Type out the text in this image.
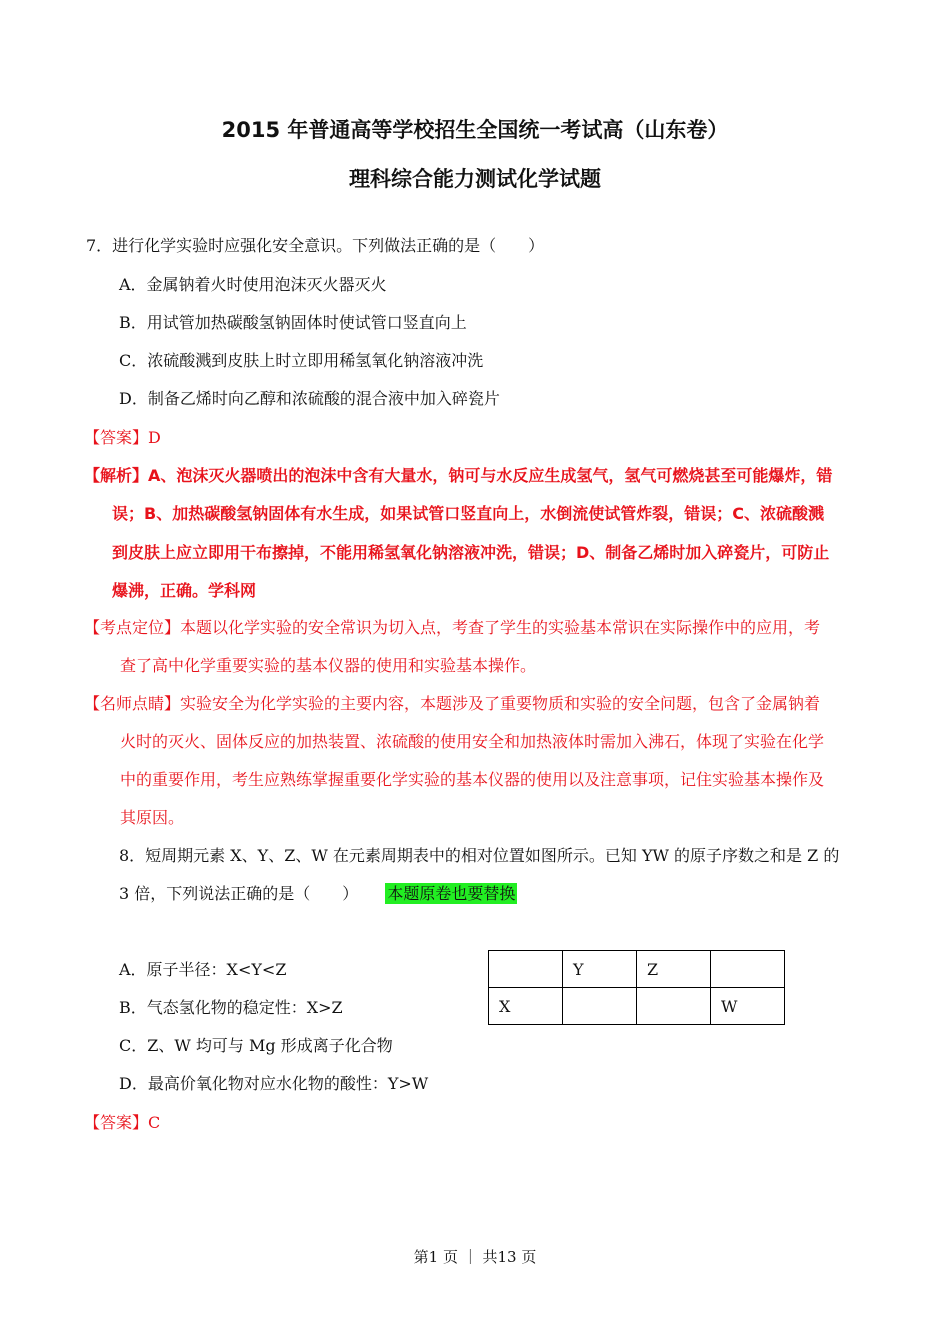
2015 年普通高等学校招生全国统一考试高（山东卷）
理科综合能力测试化学试题
7．进行化学实验时应强化安全意识。下列做法正确的是（　　）
A．金属钠着火时使用泡沫灭火器灭火
B．用试管加热碳酸氢钠固体时使试管口竖直向上
C．浓硫酸溅到皮肤上时立即用稀氢氧化钠溶液冲洗
D．制备乙烯时向乙醇和浓硫酸的混合液中加入碎瓷片
【答案】D
【解析】A、泡沫灭火器喷出的泡沫中含有大量水，钠可与水反应生成氢气，氢气可燃烧甚至可能爆炸，错
误；B、加热碳酸氢钠固体有水生成，如果试管口竖直向上，水倒流使试管炸裂，错误；C、浓硫酸溅
到皮肤上应立即用干布擦掉，不能用稀氢氧化钠溶液冲洗，错误；D、制备乙烯时加入碎瓷片，可防止
爆沸，正确。学科网
【考点定位】本题以化学实验的安全常识为切入点，考查了学生的实验基本常识在实际操作中的应用，考
查了高中化学重要实验的基本仪器的使用和实验基本操作。
【名师点睛】实验安全为化学实验的主要内容，本题涉及了重要物质和实验的安全问题，包含了金属钠着
火时的灭火、固体反应的加热装置、浓硫酸的使用安全和加热液体时需加入沸石，体现了实验在化学
中的重要作用，考生应熟练掌握重要化学实验的基本仪器的使用以及注意事项，记住实验基本操作及
其原因。
8．短周期元素 X、Y、Z、W 在元素周期表中的相对位置如图所示。已知 YW 的原子序数之和是 Z 的
3 倍，下列说法正确的是（　　） 本题原卷也要替换
A．原子半径：X<Y<Z
B．气态氢化物的稳定性：X>Z
C．Z、W 均可与 Mg 形成离子化合物
D．最高价氧化物对应水化物的酸性：Y>W
	Y	Z	
X			W
【答案】C
第1 页 ｜ 共13 页
